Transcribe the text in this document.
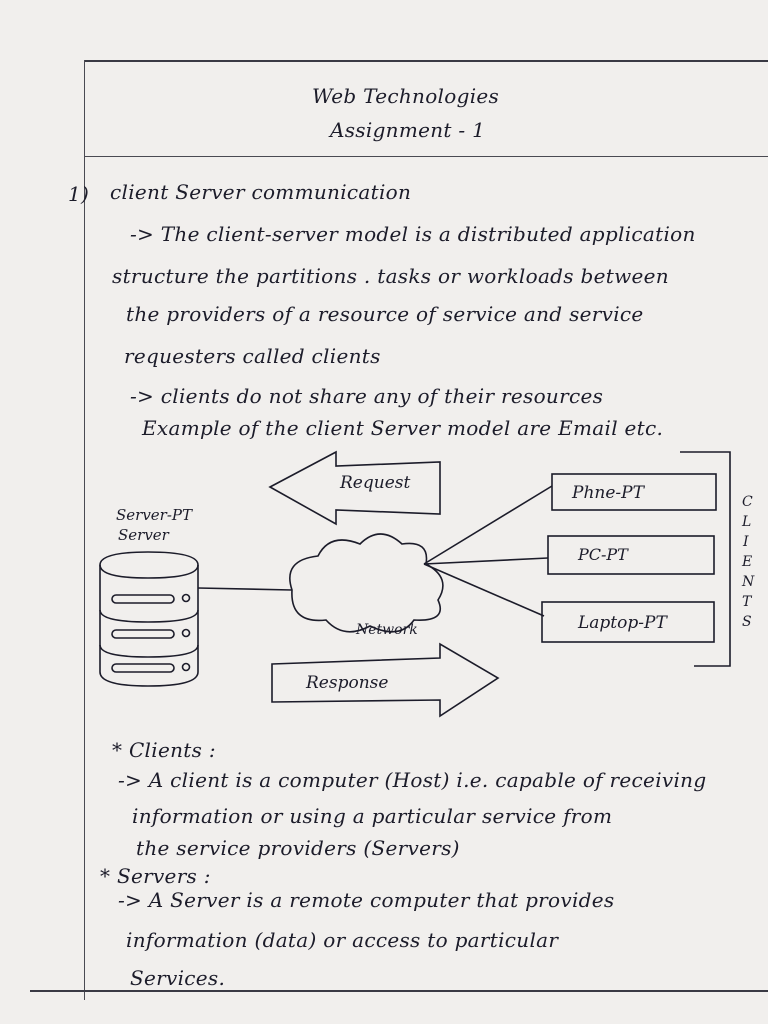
Web Technologies
Assignment - 1
1) client Server communication
-> The client-server model is a distributed application
structure the partitions . tasks or workloads between
the providers of a resource of service and service
requesters called clients
-> clients do not share any of their resources
Example of the client Server model are Email etc.
Request
Response
Server-PT
Server
Network
Phne-PT
PC-PT
Laptop-PT
C
L
I
E
N
T
S
* Clients :
-> A client is a computer (Host) i.e. capable of receiving
information or using a particular service from
the service providers (Servers)
* Servers :
-> A Server is a remote computer that provides
information (data) or access to particular
Services.
